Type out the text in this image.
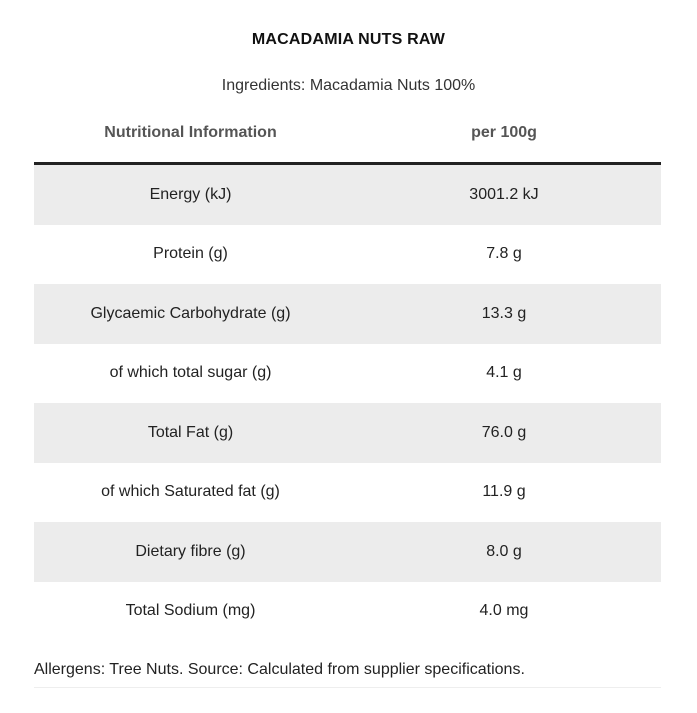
MACADAMIA NUTS RAW
Ingredients: Macadamia Nuts 100%
Nutritional Information	per 100g
Energy (kJ)	3001.2 kJ
Protein (g)	7.8 g
Glycaemic Carbohydrate (g)	13.3 g
of which total sugar (g)	4.1 g
Total Fat (g)	76.0 g
of which Saturated fat (g)	11.9 g
Dietary fibre (g)	8.0 g
Total Sodium (mg)	4.0 mg
Allergens: Tree Nuts. Source: Calculated from supplier specifications.
